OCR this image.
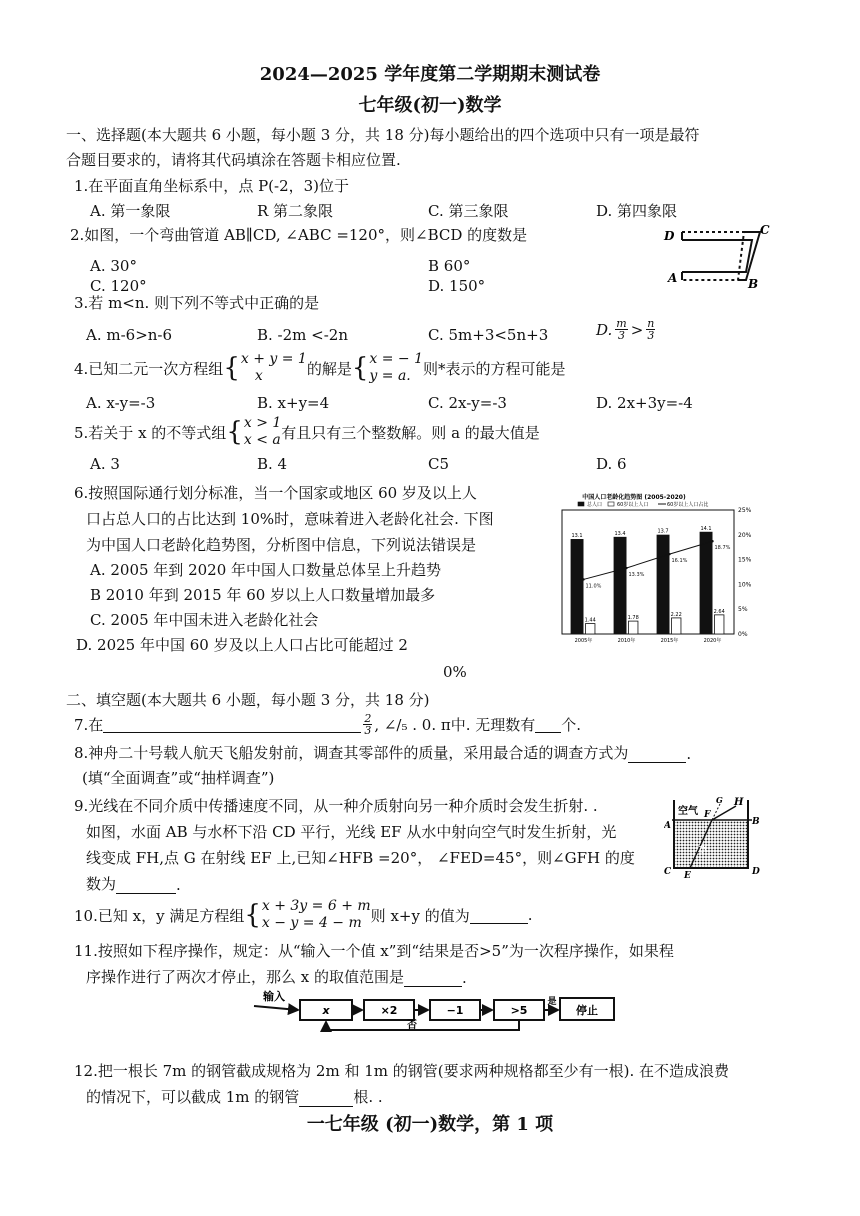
2024—2025 学年度第二学期期末测试卷
七年级(初一)数学
一、选择题(本大题共 6 小题，每小题 3 分，共 18 分)每小题给出的四个选项中只有一项是最符
合题目要求的，请将其代码填涂在答题卡相应位置.
1.在平面直角坐标系中，点 P(-2，3)位于
A. 第一象限	R 第二象限	C. 第三象限	D. 第四象限
2.如图，一个弯曲管道 AB∥CD, ∠ABC =120°，则∠BCD 的度数是
A. 30°	B 60°
C. 120°	D. 150°
D	C
A	B
3.若 m<n. 则下列不等式中正确的是
A. m-6>n-6	B. -2m <-2n	C. 5m+3<5n+3	D. $\frac{m}{3} > \frac{n}{3}$
4.已知二元一次方程组 { x + y = 1
x	的解是 { x = − 1
y = a. 则*表示的方程可能是
A. x-y=-3	B. x+y=4	C. 2x-y=-3	D. 2x+3y=-4
5.若关于 x 的不等式组 { x > 1
x < a 有且只有三个整数解。则 a 的最大值是
A. 3	B. 4	C5	D. 6
6.按照国际通行划分标准，当一个国家或地区 60 岁及以上人
口占总人口的占比达到 10%时，意味着进入老龄化社会. 下图
为中国人口老龄化趋势图，分析图中信息，下列说法错误是
A. 2005 年到 2020 年中国人口数量总体呈上升趋势
B 2010 年到 2015 年 60 岁以上人口数量增加最多
C. 2005 年中国未进入老龄化社会
D. 2025 年中国 60 岁及以上人口占比可能超过 2
0%
中国人口老龄化趋势图 (2005-2020)
总人口	60岁以上人口	60岁以上人口占比
25%
20%
15%
10%
5%
0%
13.1
1.44
11.0%
2005年
13.4
1.78
13.3%
2010年
13.7
2.22
16.1%
2015年
14.1
2.64
18.7%
2020年
二、填空题(本大题共 6 小题，每小题 3 分，共 18 分)
7.在	$\frac{2}{3}$ , ∠/₅ . 0. π中. 无理数有 个.
8.神舟二十号载人航天飞船发射前，调查其零部件的质量，采用最合适的调查方式为	.
(填“全面调查”或“抽样调查”)
9.光线在不同介质中传播速度不同，从一种介质射向另一种介质时会发生折射. .
如图，水面 AB 与水杯下沿 CD 平行，光线 EF 从水中射向空气时发生折射，光
线变成 FH,点 G 在射线 EF 上,已知∠HFB =20°， ∠FED=45°，则∠GFH 的度
数为	.
空气
G H
F
A	B
水
C E	D
10.已知 x，y 满足方程组 { x + 3y = 6 + m
x − y = 4 − m 则 x+y 的值为	.
11.按照如下程序操作，规定：从“输入一个值 x”到“结果是否>5”为一次程序操作，如果程
序操作进行了两次才停止，那么 x 的取值范围是	.
输入
x	×2	−1	>5
是
停止
否
12.把一根长 7m 的钢管截成规格为 2m 和 1m 的钢管(要求两种规格都至少有一根). 在不造成浪费
的情况下，可以截成 1m 的钢管	根. .
一七年级 (初一)数学，第 1 项
